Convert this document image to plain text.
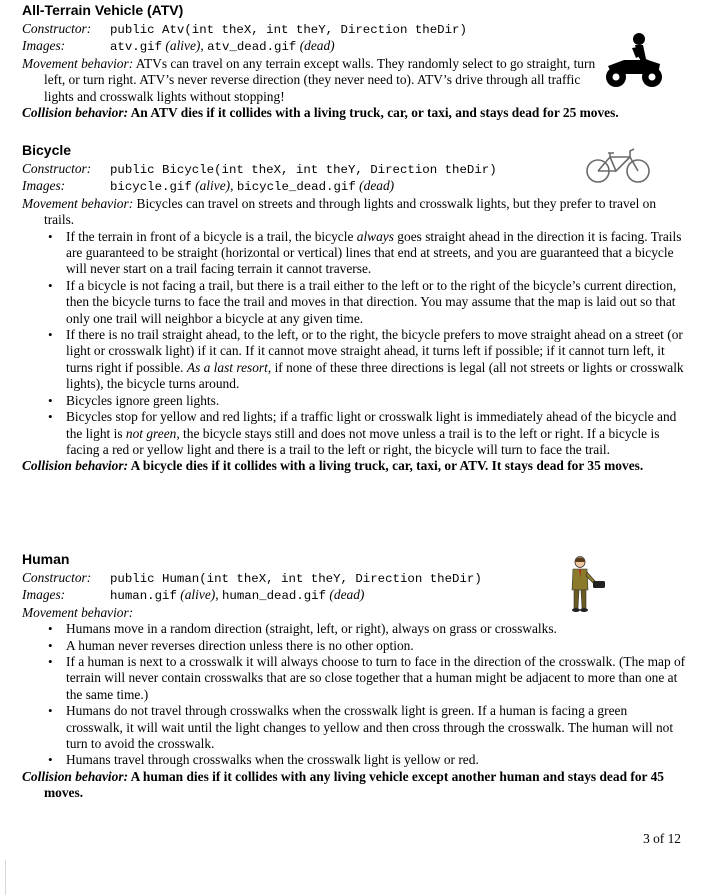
All-Terrain Vehicle (ATV)
Constructor: public Atv(int theX, int theY, Direction theDir)
Images:	atv.gif (alive), atv_dead.gif (dead)
Movement behavior: ATVs can travel on any terrain except walls. They randomly select to go straight, turn left, or turn right. ATV’s never reverse direction (they never need to). ATV’s drive through all traffic lights and crosswalk lights without stopping!
Collision behavior: An ATV dies if it collides with a living truck, car, or taxi, and stays dead for 25 moves.
Bicycle
Constructor: public Bicycle(int theX, int theY, Direction theDir)
Images:	bicycle.gif (alive), bicycle_dead.gif (dead)
Movement behavior: Bicycles can travel on streets and through lights and crosswalk lights, but they prefer to travel on trails.
• If the terrain in front of a bicycle is a trail, the bicycle always goes straight ahead in the direction it is facing. Trails are guaranteed to be straight (horizontal or vertical) lines that end at streets, and you are guaranteed that a bicycle will never start on a trail facing terrain it cannot traverse.
• If a bicycle is not facing a trail, but there is a trail either to the left or to the right of the bicycle’s current direction, then the bicycle turns to face the trail and moves in that direction. You may assume that the map is laid out so that only one trail will neighbor a bicycle at any given time.
• If there is no trail straight ahead, to the left, or to the right, the bicycle prefers to move straight ahead on a street (or light or crosswalk light) if it can. If it cannot move straight ahead, it turns left if possible; if it cannot turn left, it turns right if possible. As a last resort, if none of these three directions is legal (all not streets or lights or crosswalk lights), the bicycle turns around.
• Bicycles ignore green lights.
• Bicycles stop for yellow and red lights; if a traffic light or crosswalk light is immediately ahead of the bicycle and the light is not green, the bicycle stays still and does not move unless a trail is to the left or right. If a bicycle is facing a red or yellow light and there is a trail to the left or right, the bicycle will turn to face the trail.
Collision behavior: A bicycle dies if it collides with a living truck, car, taxi, or ATV. It stays dead for 35 moves.
Human
Constructor: public Human(int theX, int theY, Direction theDir)
Images:	human.gif (alive), human_dead.gif (dead)
Movement behavior:
• Humans move in a random direction (straight, left, or right), always on grass or crosswalks.
• A human never reverses direction unless there is no other option.
• If a human is next to a crosswalk it will always choose to turn to face in the direction of the crosswalk. (The map of terrain will never contain crosswalks that are so close together that a human might be adjacent to more than one at the same time.)
• Humans do not travel through crosswalks when the crosswalk light is green. If a human is facing a green crosswalk, it will wait until the light changes to yellow and then cross through the crosswalk. The human will not turn to avoid the crosswalk.
• Humans travel through crosswalks when the crosswalk light is yellow or red.
Collision behavior: A human dies if it collides with any living vehicle except another human and stays dead for 45 moves.
3 of 12
